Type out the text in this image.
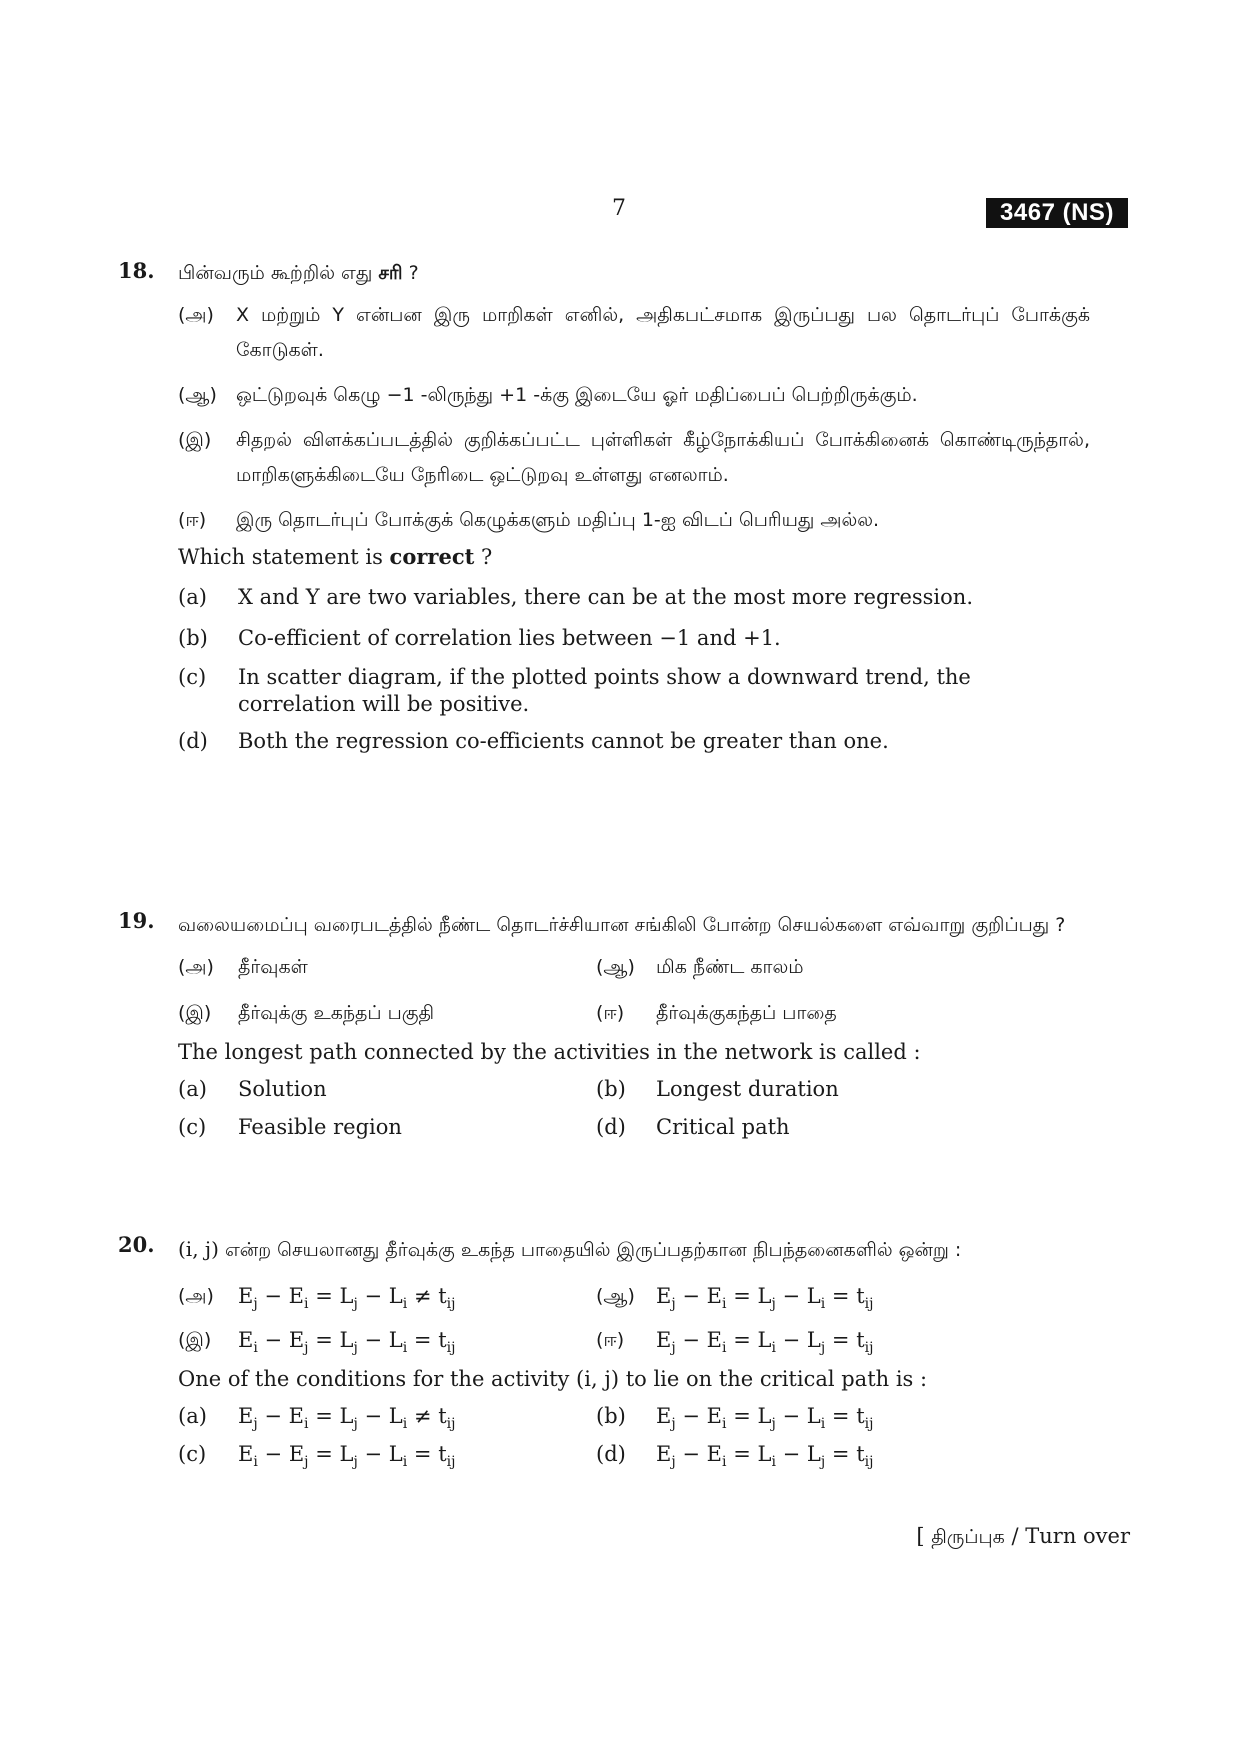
7	3467 (NS)
18. பின்வரும் கூற்றில் எது சரி ?
(அ) X மற்றும் Y என்பன இரு மாறிகள் எனில், அதிகபட்சமாக இருப்பது பல தொடர்புப் போக்குக் கோடுகள்.
(ஆ) ஒட்டுறவுக் கெழு −1 -லிருந்து +1 -க்கு இடையே ஓர் மதிப்பைப் பெற்றிருக்கும்.
(இ) சிதறல் விளக்கப்படத்தில் குறிக்கப்பட்ட புள்ளிகள் கீழ்நோக்கியப் போக்கினைக் கொண்டிருந்தால், மாறிகளுக்கிடையே நேரிடை ஒட்டுறவு உள்ளது எனலாம்.
(ஈ) இரு தொடர்புப் போக்குக் கெழுக்களும் மதிப்பு 1-ஐ விடப் பெரியது அல்ல.
Which statement is correct ?
(a) X and Y are two variables, there can be at the most more regression.
(b) Co-efficient of correlation lies between −1 and +1.
(c) In scatter diagram, if the plotted points show a downward trend, the correlation will be positive.
(d) Both the regression co-efficients cannot be greater than one.
19. வலையமைப்பு வரைபடத்தில் நீண்ட தொடர்ச்சியான சங்கிலி போன்ற செயல்களை எவ்வாறு குறிப்பது ?
(அ) தீர்வுகள்	(ஆ) மிக நீண்ட காலம்
(இ) தீர்வுக்கு உகந்தப் பகுதி	(ஈ) தீர்வுக்குகந்தப் பாதை
The longest path connected by the activities in the network is called :
(a) Solution	(b) Longest duration
(c) Feasible region	(d) Critical path
20. (i, j) என்ற செயலானது தீர்வுக்கு உகந்த பாதையில் இருப்பதற்கான நிபந்தனைகளில் ஒன்று :
(அ) $E_j - E_i = L_j - L_i \ne t_{ij}$	(ஆ) $E_j - E_i = L_j - L_i = t_{ij}$
(இ) $E_i - E_j = L_j - L_i = t_{ij}$	(ஈ) $E_j - E_i = L_i - L_j = t_{ij}$
One of the conditions for the activity (i, j) to lie on the critical path is :
(a) $E_j - E_i = L_j - L_i \ne t_{ij}$	(b) $E_j - E_i = L_j - L_i = t_{ij}$
(c) $E_i - E_j = L_j - L_i = t_{ij}$	(d) $E_j - E_i = L_i - L_j = t_{ij}$
[ திருப்புக / Turn over
